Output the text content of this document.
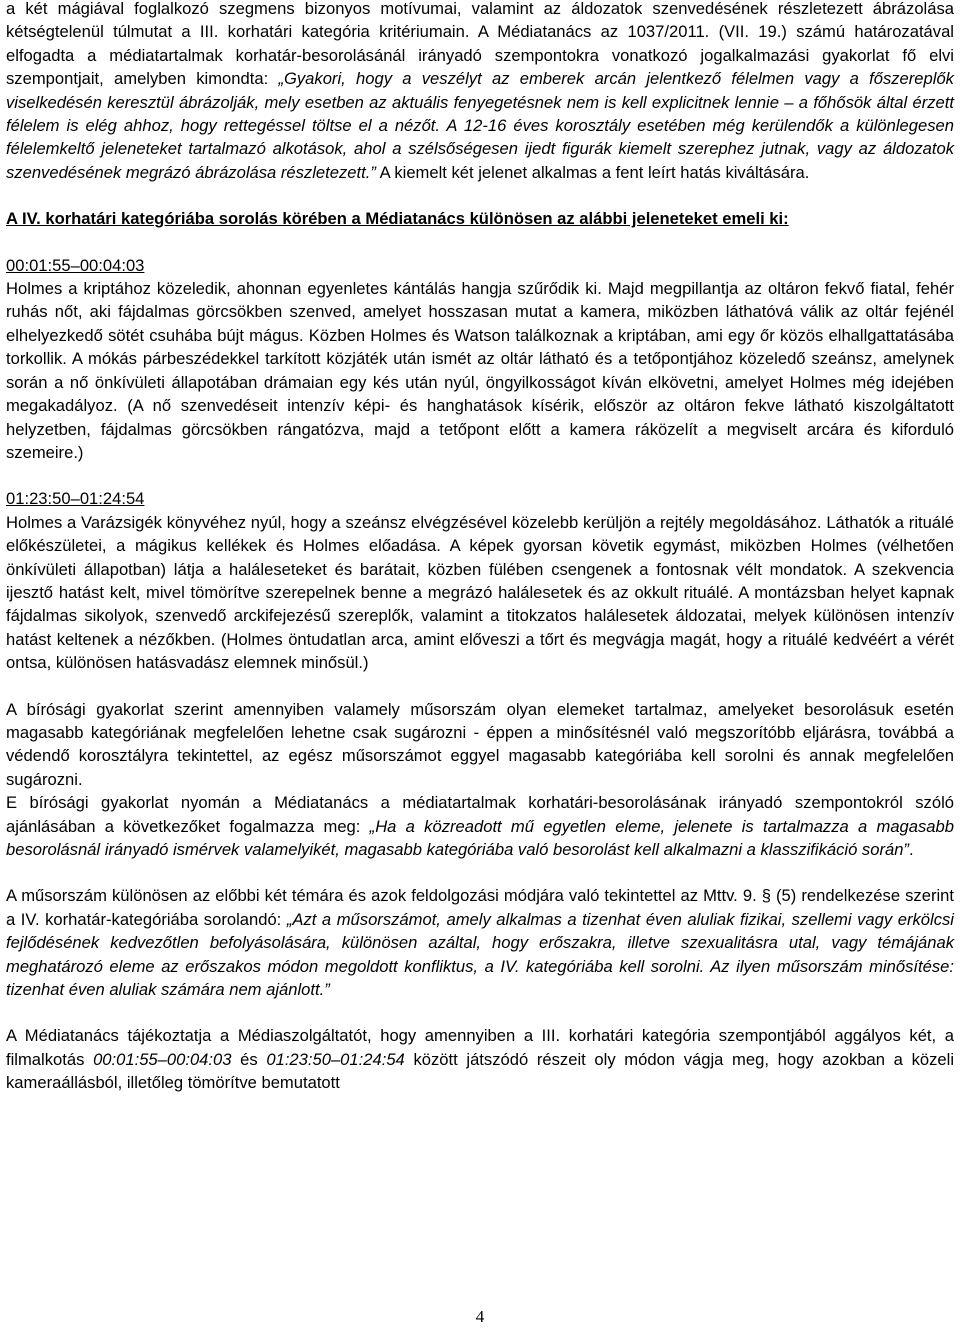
a két mágiával foglalkozó szegmens bizonyos motívumai, valamint az áldozatok szenvedésének részletezett ábrázolása kétségtelenül túlmutat a III. korhatári kategória kritériumain. A Médiatanács az 1037/2011. (VII. 19.) számú határozatával elfogadta a médiatartalmak korhatár-besorolásánál irányadó szempontokra vonatkozó jogalkalmazási gyakorlat fő elvi szempontjait, amelyben kimondta: „Gyakori, hogy a veszélyt az emberek arcán jelentkező félelmen vagy a főszereplők viselkedésén keresztül ábrázolják, mely esetben az aktuális fenyegetésnek nem is kell explicitnek lennie – a főhősök által érzett félelem is elég ahhoz, hogy rettegéssel töltse el a nézőt. A 12-16 éves korosztály esetében még kerülendők a különlegesen félelemkeltő jeleneteket tartalmazó alkotások, ahol a szélsőségesen ijedt figurák kiemelt szerephez jutnak, vagy az áldozatok szenvedésének megrázó ábrázolása részletezett.” A kiemelt két jelenet alkalmas a fent leírt hatás kiváltására.

A IV. korhatári kategóriába sorolás körében a Médiatanács különösen az alábbi jeleneteket emeli ki:

00:01:55–00:04:03

Holmes a kriptához közeledik, ahonnan egyenletes kántálás hangja szűrődik ki. Majd megpillantja az oltáron fekvő fiatal, fehér ruhás nőt, aki fájdalmas görcsökben szenved, amelyet hosszasan mutat a kamera, miközben láthatóvá válik az oltár fejénél elhelyezkedő sötét csuhába bújt mágus. Közben Holmes és Watson találkoznak a kriptában, ami egy őr közös elhallgattatásába torkollik. A mókás párbeszédekkel tarkított közjáték után ismét az oltár látható és a tetőpontjához közeledő szeánsz, amelynek során a nő önkívületi állapotában drámaian egy kés után nyúl, öngyilkosságot kíván elkövetni, amelyet Holmes még idejében megakadályoz. (A nő szenvedéseit intenzív képi- és hanghatások kísérik, először az oltáron fekve látható kiszolgáltatott helyzetben, fájdalmas görcsökben rángatózva, majd a tetőpont előtt a kamera ráközelít a megviselt arcára és kiforduló szemeire.)

01:23:50–01:24:54

Holmes a Varázsigék könyvéhez nyúl, hogy a szeánsz elvégzésével közelebb kerüljön a rejtély megoldásához. Láthatók a rituálé előkészületei, a mágikus kellékek és Holmes előadása. A képek gyorsan követik egymást, miközben Holmes (vélhetően önkívületi állapotban) látja a haláleseteket és barátait, közben fülében csengenek a fontosnak vélt mondatok. A szekvencia ijesztő hatást kelt, mivel tömörítve szerepelnek benne a megrázó halálesetek és az okkult rituálé. A montázsban helyet kapnak fájdalmas sikolyok, szenvedő arckifejezésű szereplők, valamint a titokzatos halálesetek áldozatai, melyek különösen intenzív hatást keltenek a nézőkben. (Holmes öntudatlan arca, amint előveszi a tőrt és megvágja magát, hogy a rituálé kedvéért a vérét ontsa, különösen hatásvadász elemnek minősül.)

A bírósági gyakorlat szerint amennyiben valamely műsorszám olyan elemeket tartalmaz, amelyeket besorolásuk esetén magasabb kategóriának megfelelően lehetne csak sugározni - éppen a minősítésnél való megszorítóbb eljárásra, továbbá a védendő korosztályra tekintettel, az egész műsorszámot eggyel magasabb kategóriába kell sorolni és annak megfelelően sugározni.

E bírósági gyakorlat nyomán a Médiatanács a médiatartalmak korhatári-besorolásának irányadó szempontokról szóló ajánlásában a következőket fogalmazza meg: „Ha a közreadott mű egyetlen eleme, jelenete is tartalmazza a magasabb besorolásnál irányadó ismérvek valamelyikét, magasabb kategóriába való besorolást kell alkalmazni a klasszifikáció során”.

A műsorszám különösen az előbbi két témára és azok feldolgozási módjára való tekintettel az Mttv. 9. § (5) rendelkezése szerint a IV. korhatár-kategóriába sorolandó: „Azt a műsorszámot, amely alkalmas a tizenhat éven aluliak fizikai, szellemi vagy erkölcsi fejlődésének kedvezőtlen befolyásolására, különösen azáltal, hogy erőszakra, illetve szexualitásra utal, vagy témájának meghatározó eleme az erőszakos módon megoldott konfliktus, a IV. kategóriába kell sorolni. Az ilyen műsorszám minősítése: tizenhat éven aluliak számára nem ajánlott.”

A Médiatanács tájékoztatja a Médiaszolgáltatót, hogy amennyiben a III. korhatári kategória szempontjából aggályos két, a filmalkotás 00:01:55–00:04:03 és 01:23:50–01:24:54 között játszódó részeit oly módon vágja meg, hogy azokban a közeli kameraállásból, illetőleg tömörítve bemutatott

4
